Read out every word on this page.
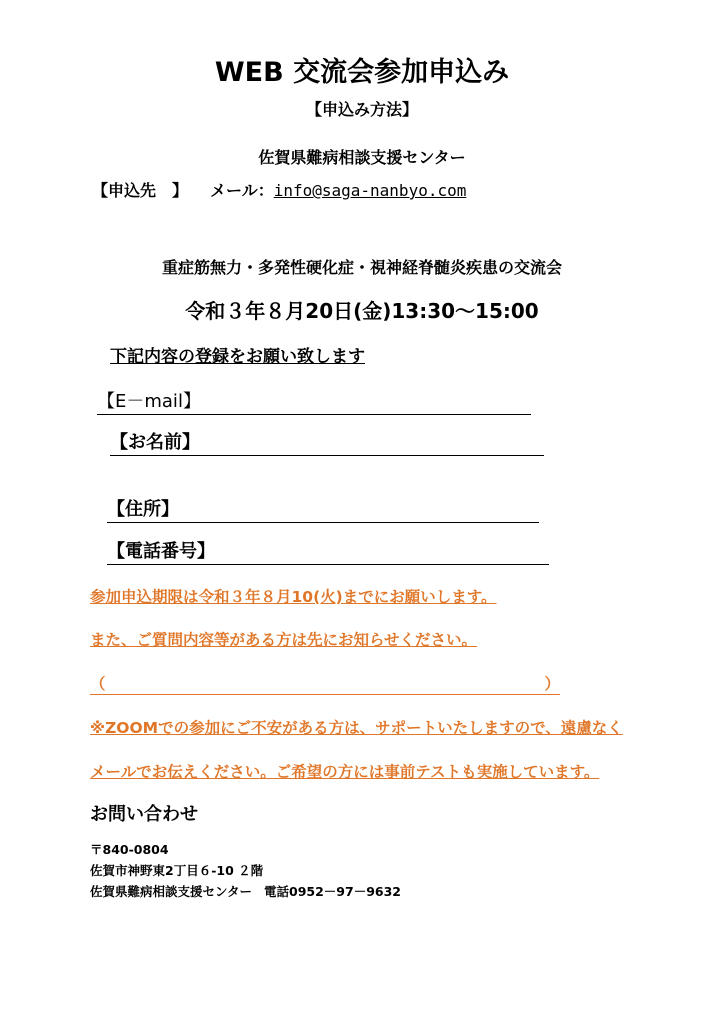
WEB 交流会参加申込み
【申込み方法】
佐賀県難病相談支援センター
【申込先　】 メール：info@saga-nanbyo.com
重症筋無力・多発性硬化症・視神経脊髄炎疾患の交流会
令和３年８月20日(金)13:30～15:00
下記内容の登録をお願い致します
【E－mail】
【お名前】
【住所】
【電話番号】
参加申込期限は令和３年８月10(火)までにお願いします。
また、ご質問内容等がある方は先にお知らせください。
（	）
※ZOOMでの参加にご不安がある方は、サポートいたしますので、遠慮なく
メールでお伝えください。ご希望の方には事前テストも実施しています。
お問い合わせ
〒840-0804
佐賀市神野東2丁目６-10 ２階
佐賀県難病相談支援センター 電話0952－97－9632
